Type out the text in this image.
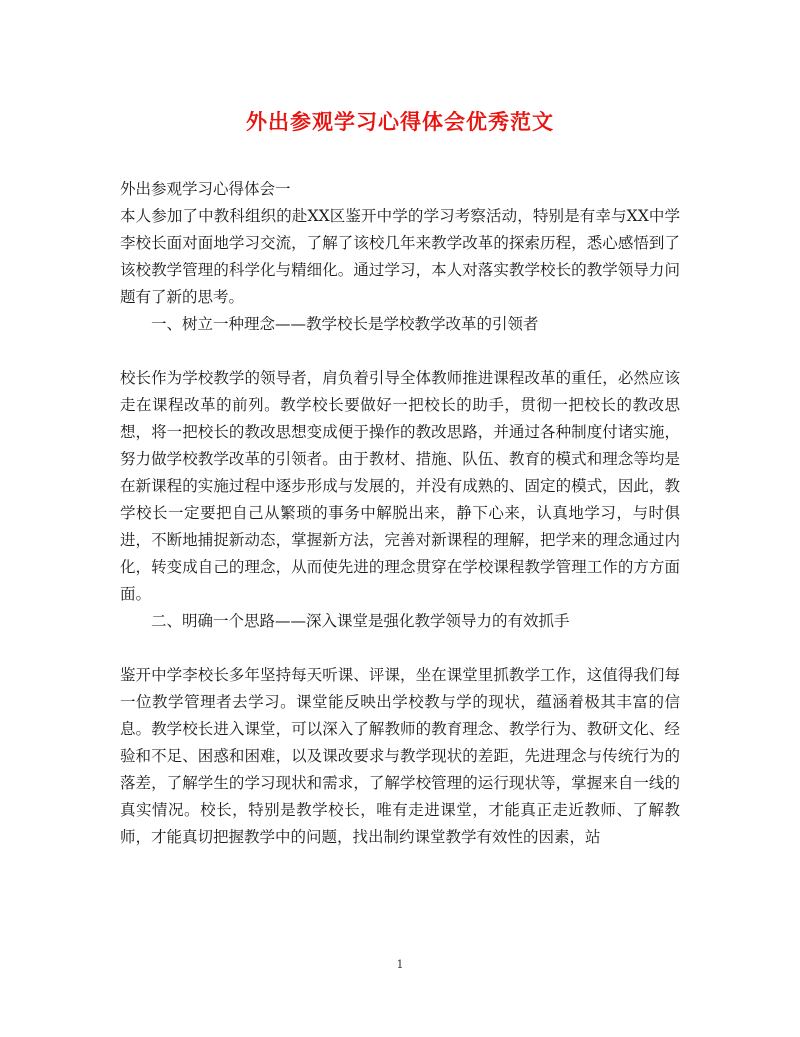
外出参观学习心得体会优秀范文

外出参观学习心得体会一

本人参加了中教科组织的赴XX区鉴开中学的学习考察活动，特别是有幸与XX中学李校长面对面地学习交流，了解了该校几年来教学改革的探索历程，悉心感悟到了该校教学管理的科学化与精细化。通过学习，本人对落实教学校长的教学领导力问题有了新的思考。

一、树立一种理念——教学校长是学校教学改革的引领者

校长作为学校教学的领导者，肩负着引导全体教师推进课程改革的重任，必然应该走在课程改革的前列。教学校长要做好一把校长的助手，贯彻一把校长的教改思想，将一把校长的教改思想变成便于操作的教改思路，并通过各种制度付诸实施，努力做学校教学改革的引领者。由于教材、措施、队伍、教育的模式和理念等均是在新课程的实施过程中逐步形成与发展的，并没有成熟的、固定的模式，因此，教学校长一定要把自己从繁琐的事务中解脱出来，静下心来，认真地学习，与时俱进，不断地捕捉新动态，掌握新方法，完善对新课程的理解，把学来的理念通过内化，转变成自己的理念，从而使先进的理念贯穿在学校课程教学管理工作的方方面面。

二、明确一个思路——深入课堂是强化教学领导力的有效抓手

鉴开中学李校长多年坚持每天听课、评课，坐在课堂里抓教学工作，这值得我们每一位教学管理者去学习。课堂能反映出学校教与学的现状，蕴涵着极其丰富的信息。教学校长进入课堂，可以深入了解教师的教育理念、教学行为、教研文化、经验和不足、困惑和困难，以及课改要求与教学现状的差距，先进理念与传统行为的落差，了解学生的学习现状和需求，了解学校管理的运行现状等，掌握来自一线的真实情况。校长，特别是教学校长，唯有走进课堂，才能真正走近教师、了解教师，才能真切把握教学中的问题，找出制约课堂教学有效性的因素，站

1
